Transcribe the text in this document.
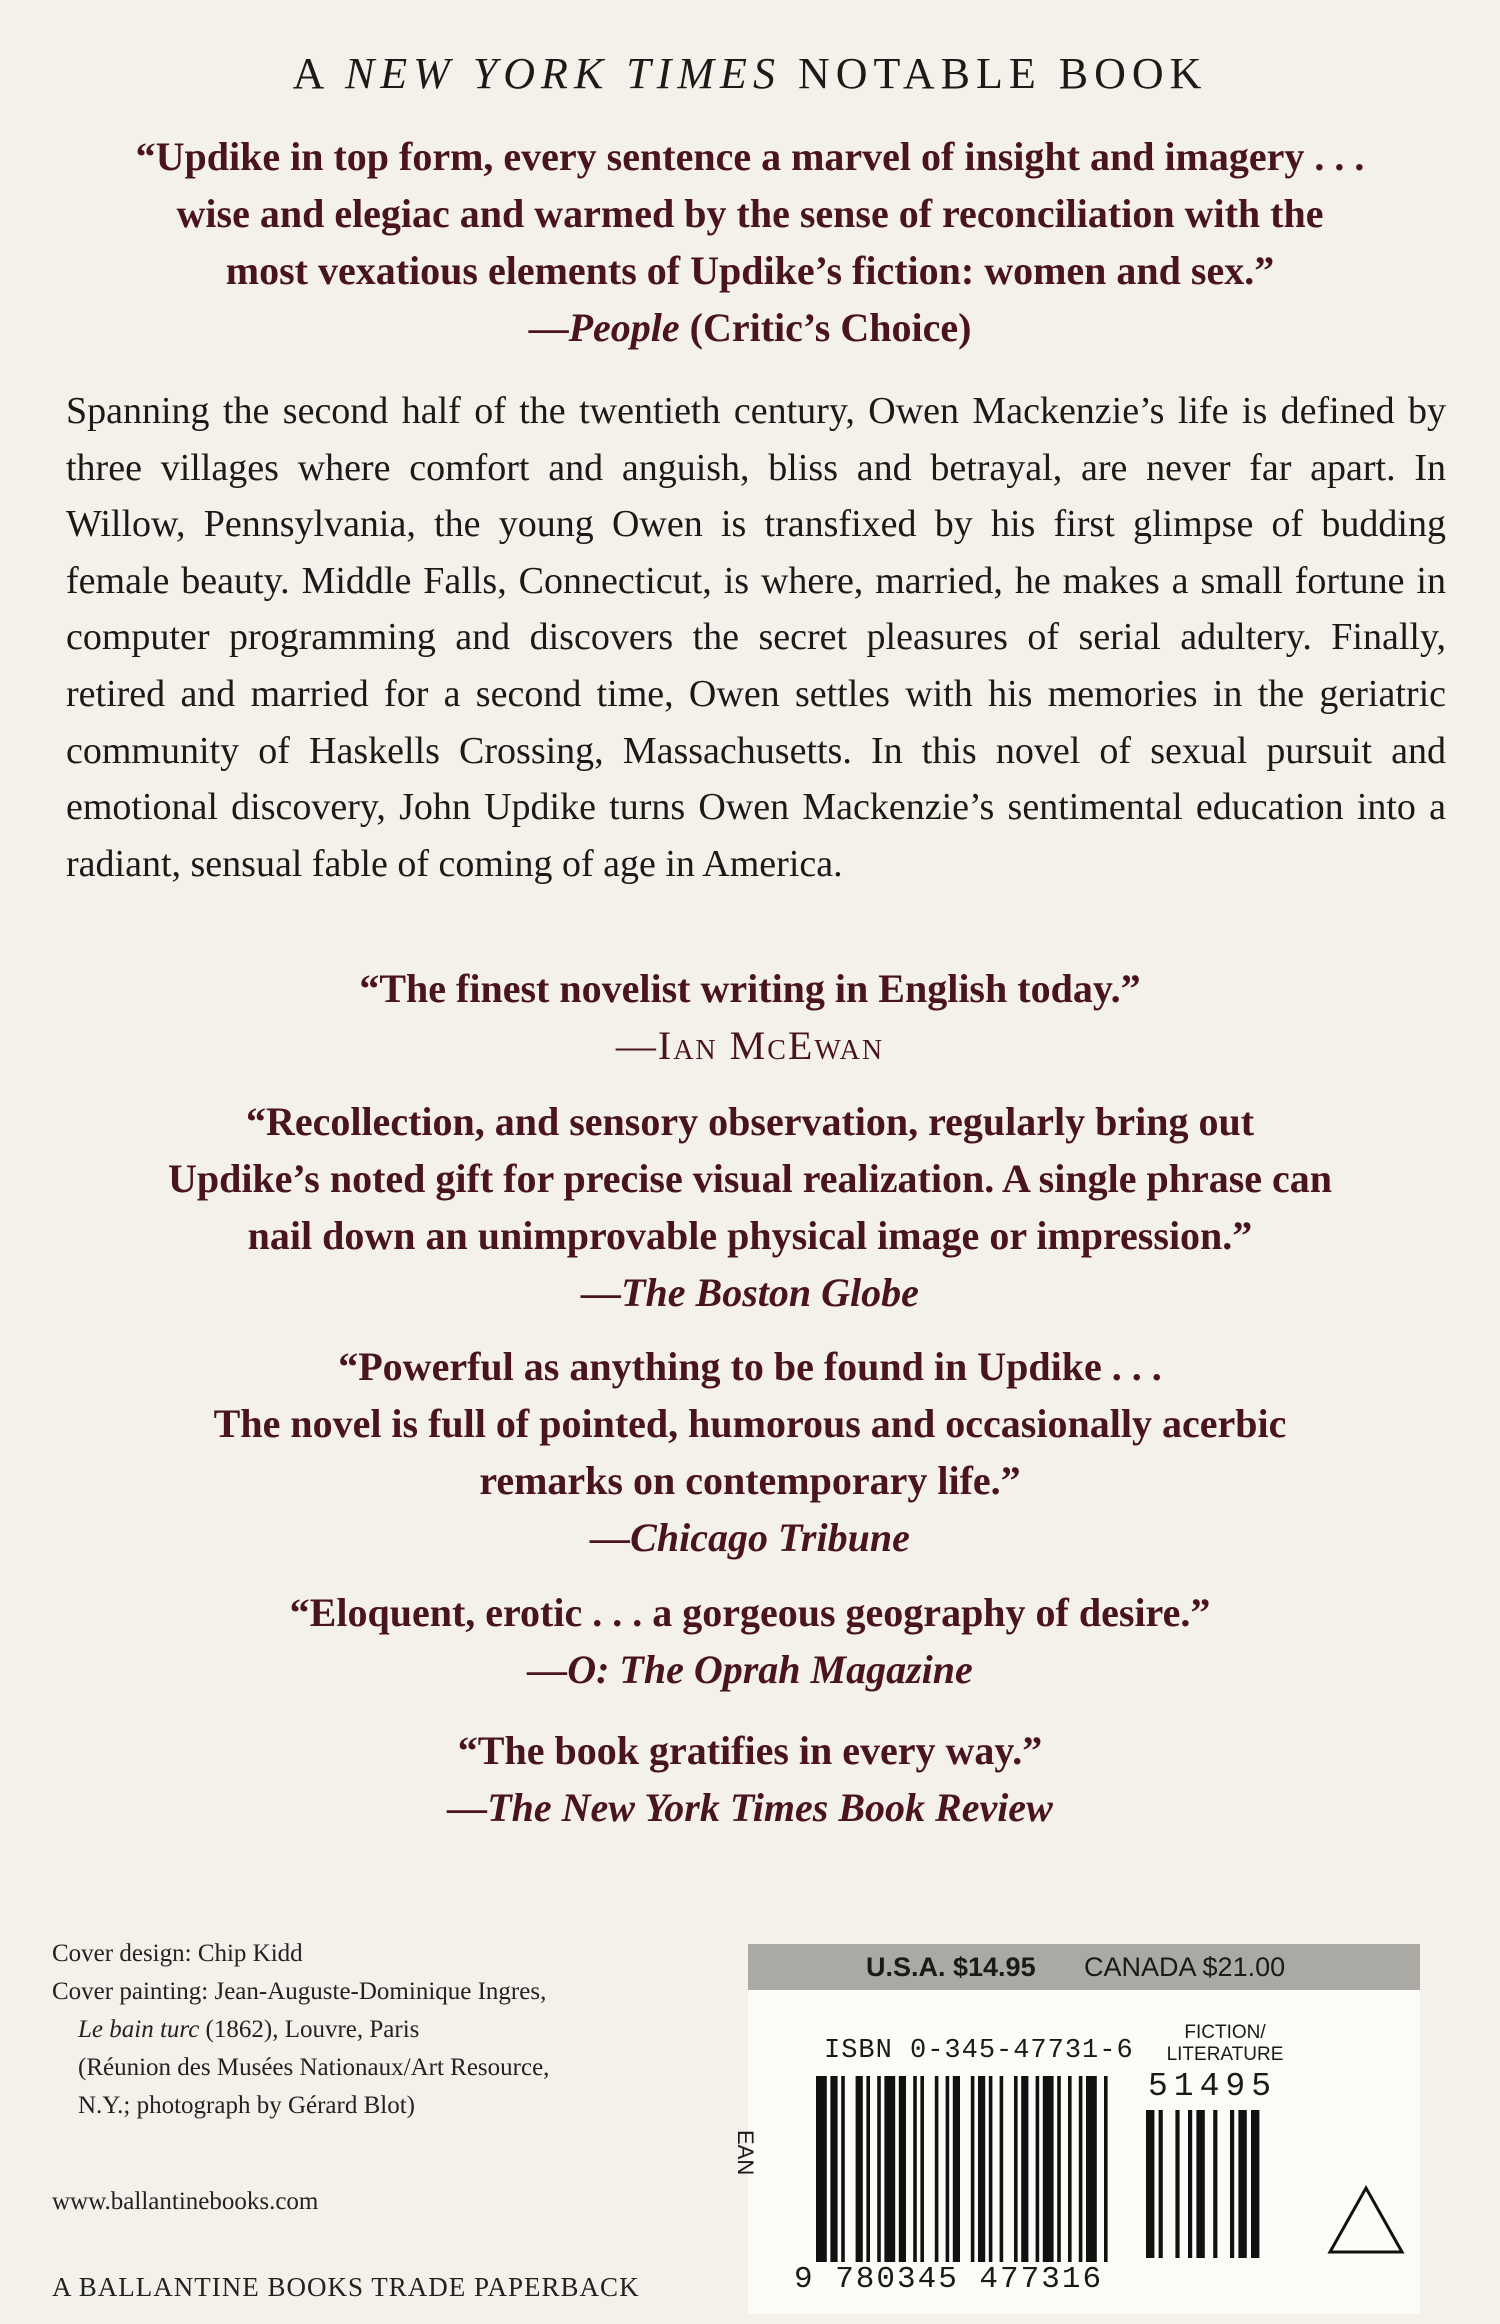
A NEW YORK TIMES NOTABLE BOOK
“Updike in top form, every sentence a marvel of insight and imagery . . .
wise and elegiac and warmed by the sense of reconciliation with the
most vexatious elements of Updike’s fiction: women and sex.”
—People (Critic’s Choice)
Spanning the second half of the twentieth century, Owen Mackenzie’s life is defined by three villages where comfort and anguish, bliss and betrayal, are never far apart. In Willow, Pennsylvania, the young Owen is transfixed by his first glimpse of budding female beauty. Middle Falls, Connecticut, is where, married, he makes a small fortune in computer programming and discovers the secret pleasures of serial adultery. Finally, retired and married for a second time, Owen settles with his memories in the geriatric community of Haskells Crossing, Massachusetts. In this novel of sexual pursuit and emotional discovery, John Updike turns Owen Mackenzie’s sentimental education into a radiant, sensual fable of coming of age in America.
“The finest novelist writing in English today.”
—Ian McEwan
“Recollection, and sensory observation, regularly bring out
Updike’s noted gift for precise visual realization. A single phrase can
nail down an unimprovable physical image or impression.”
—The Boston Globe
“Powerful as anything to be found in Updike . . .
The novel is full of pointed, humorous and occasionally acerbic
remarks on contemporary life.”
—Chicago Tribune
“Eloquent, erotic . . . a gorgeous geography of desire.”
—O: The Oprah Magazine
“The book gratifies in every way.”
—The New York Times Book Review
Cover design: Chip Kidd
Cover painting: Jean-Auguste-Dominique Ingres,
Le bain turc (1862), Louvre, Paris
(Réunion des Musées Nationaux/Art Resource,
N.Y.; photograph by Gérard Blot)
www.ballantinebooks.com
A BALLANTINE BOOKS TRADE PAPERBACK
U.S.A. $14.95 CANADA $21.00
ISBN 0-345-47731-6
FICTION/
LITERATURE
51495
EAN
9 780345 477316
